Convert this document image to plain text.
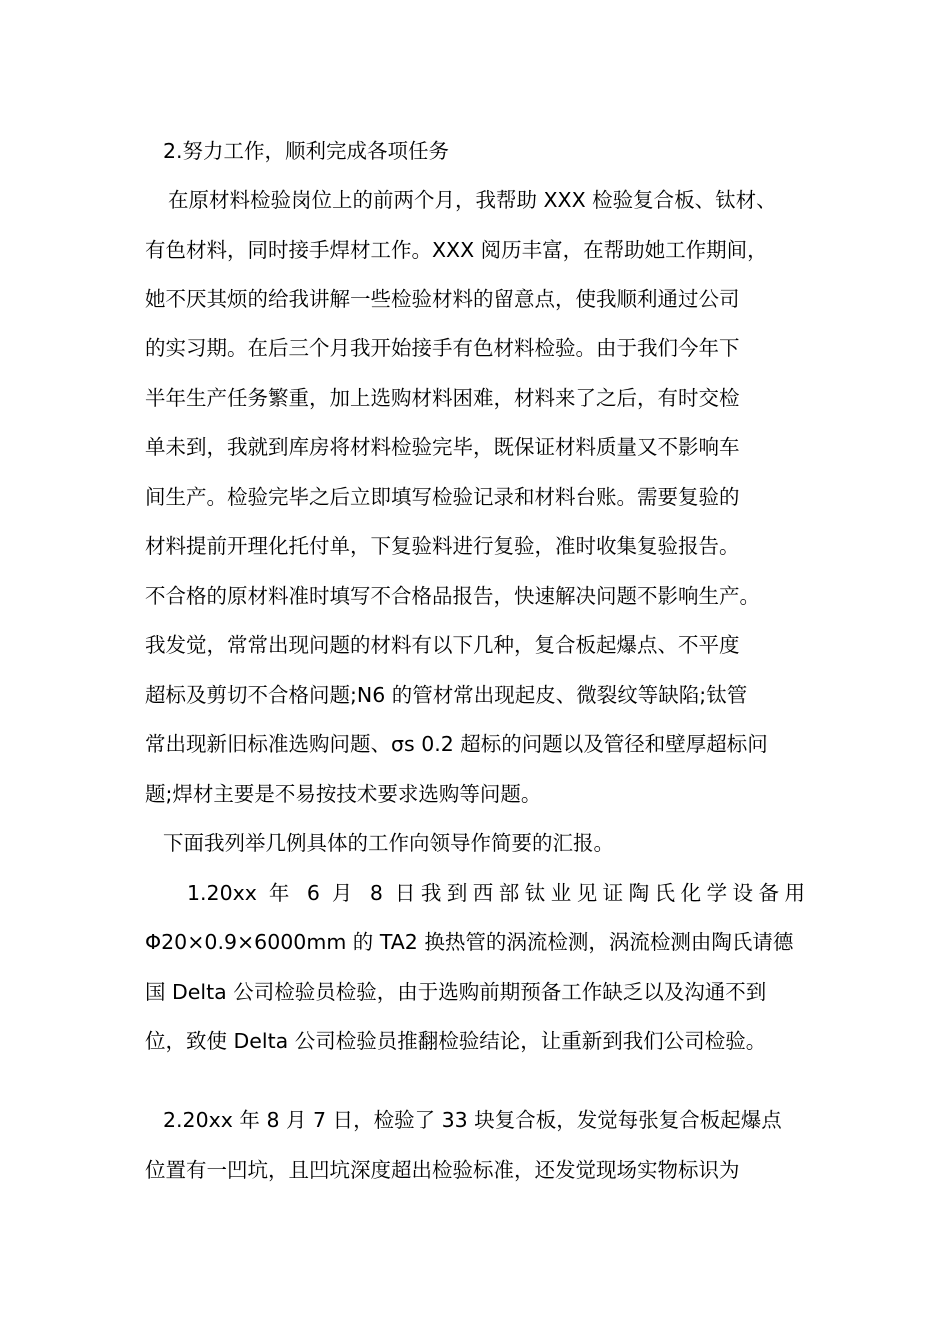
2.努力工作，顺利完成各项任务
在原材料检验岗位上的前两个月，我帮助 XXX 检验复合板、钛材、
有色材料，同时接手焊材工作。XXX 阅历丰富，在帮助她工作期间，
她不厌其烦的给我讲解一些检验材料的留意点，使我顺利通过公司
的实习期。在后三个月我开始接手有色材料检验。由于我们今年下
半年生产任务繁重，加上选购材料困难，材料来了之后，有时交检
单未到，我就到库房将材料检验完毕，既保证材料质量又不影响车
间生产。检验完毕之后立即填写检验记录和材料台账。需要复验的
材料提前开理化托付单，下复验料进行复验，准时收集复验报告。
不合格的原材料准时填写不合格品报告，快速解决问题不影响生产。
我发觉，常常出现问题的材料有以下几种，复合板起爆点、不平度
超标及剪切不合格问题;N6 的管材常出现起皮、微裂纹等缺陷;钛管
常出现新旧标准选购问题、σs 0.2 超标的问题以及管径和壁厚超标问
题;焊材主要是不易按技术要求选购等问题。
下面我列举几例具体的工作向领导作简要的汇报。
1.20xx 年 6 月 8 日我到西部钛业见证陶氏化学设备用
Φ20×0.9×6000mm 的 TA2 换热管的涡流检测，涡流检测由陶氏请德
国 Delta 公司检验员检验，由于选购前期预备工作缺乏以及沟通不到
位，致使 Delta 公司检验员推翻检验结论，让重新到我们公司检验。
2.20xx 年 8 月 7 日，检验了 33 块复合板，发觉每张复合板起爆点
位置有一凹坑，且凹坑深度超出检验标准，还发觉现场实物标识为
